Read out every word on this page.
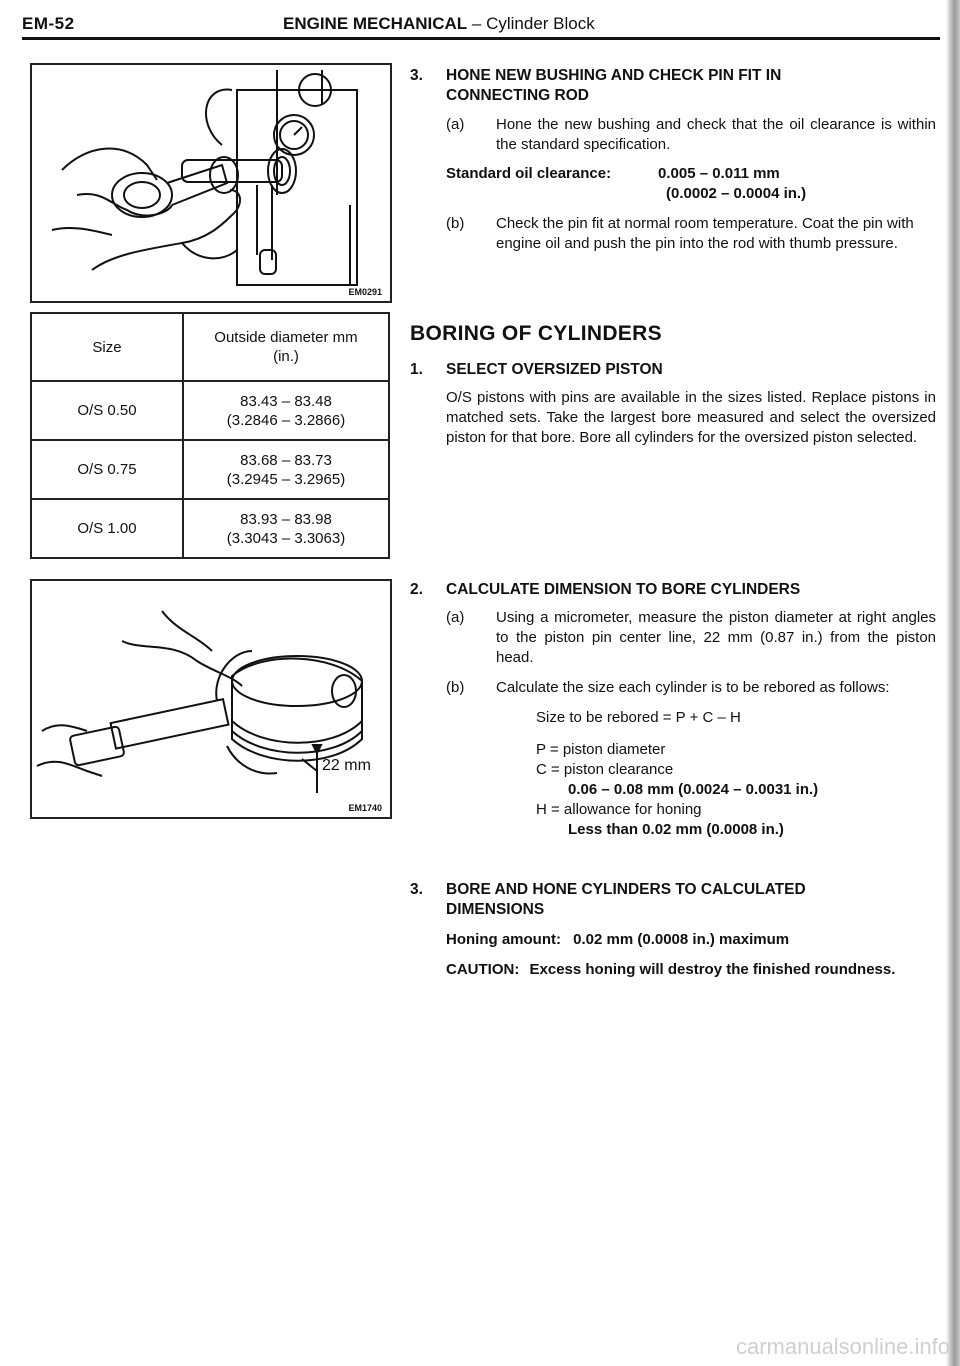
EM-52	ENGINE MECHANICAL – Cylinder Block
EM0291
Size	Outside diameter mm (in.)
O/S 0.50	83.43 – 83.48
(3.2846 – 3.2866)

O/S 0.75	83.68 – 83.73
(3.2945 – 3.2965)

O/S 1.00	83.93 – 83.98
(3.3043 – 3.3063)
22 mm
EM1740
3. HONE NEW BUSHING AND CHECK PIN FIT IN
CONNECTING ROD
(a) Hone the new bushing and check that the oil clearance is within the standard specification.
Standard oil clearance:	0.005 – 0.011 mm
(0.0002 – 0.0004 in.)
(b) Check the pin fit at normal room temperature. Coat the pin with engine oil and push the pin into the rod with thumb pressure.
BORING OF CYLINDERS
1. SELECT OVERSIZED PISTON
O/S pistons with pins are available in the sizes listed. Replace pistons in matched sets. Take the largest bore measured and select the oversized piston for that bore. Bore all cylinders for the oversized piston selected.
2. CALCULATE DIMENSION TO BORE CYLINDERS
(a) Using a micrometer, measure the piston diameter at right angles to the piston pin center line, 22 mm (0.87 in.) from the piston head.
(b) Calculate the size each cylinder is to be rebored as follows:
Size to be rebored = P + C – H
P = piston diameter
C = piston clearance
0.06 – 0.08 mm (0.0024 – 0.0031 in.)
H = allowance for honing
Less than 0.02 mm (0.0008 in.)
3. BORE AND HONE CYLINDERS TO CALCULATED
DIMENSIONS
Honing amount: 0.02 mm (0.0008 in.) maximum
CAUTION: Excess honing will destroy the finished roundness.
carmanualsonline.info
